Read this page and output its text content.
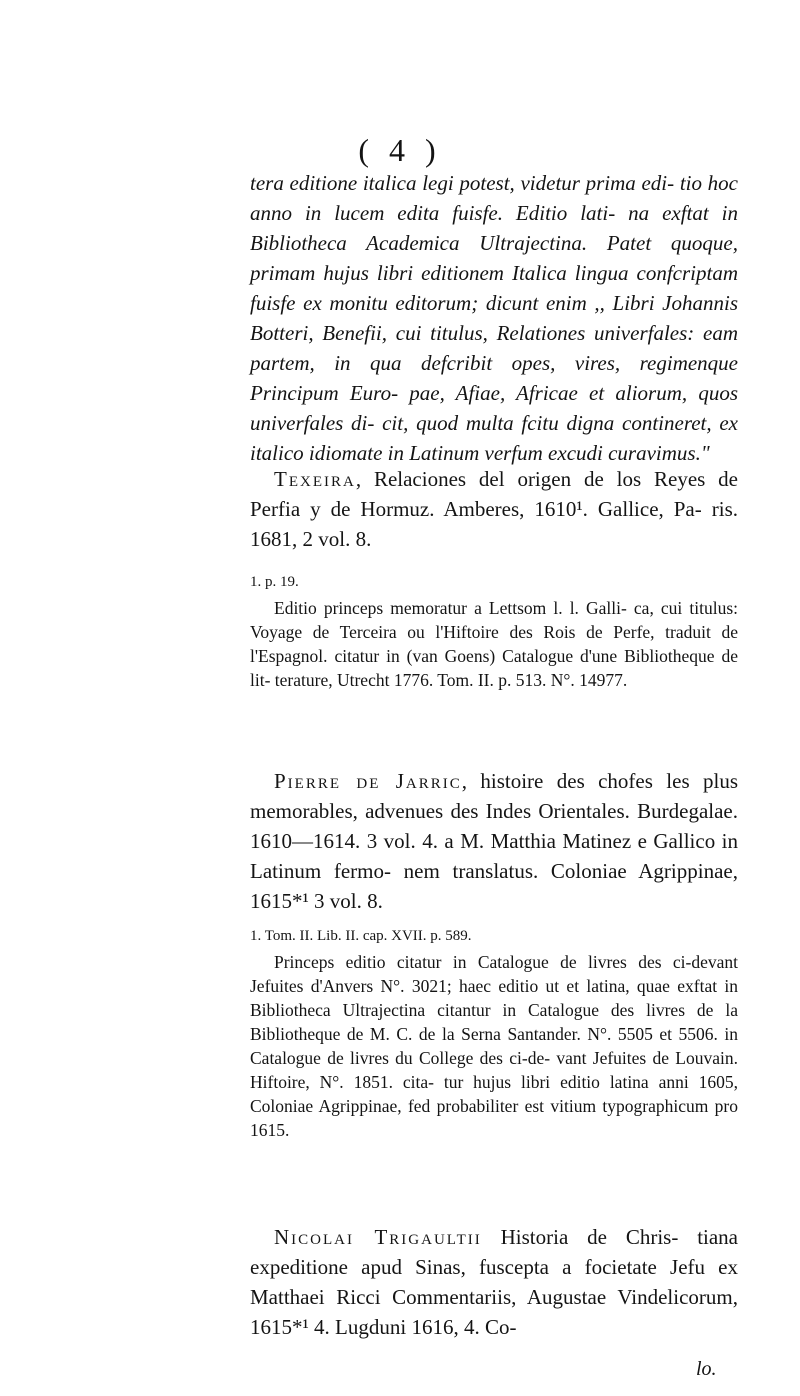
( 4 )

tera editione italica legi potest, videtur prima edi- tio hoc anno in lucem edita fuisfe. Editio lati- na exftat in Bibliotheca Academica Ultrajectina. Patet quoque, primam hujus libri editionem Italica lingua confcriptam fuisfe ex monitu editorum; dicunt enim ,, Libri Johannis Botteri, Benefii, cui titulus, Relationes univerfales: eam partem, in qua defcribit opes, vires, regimenque Principum Euro- pae, Afiae, Africae et aliorum, quos univerfales di- cit, quod multa fcitu digna contineret, ex italico idiomate in Latinum verfum excudi curavimus."

Texeira, Relaciones del origen de los Reyes de Perfia y de Hormuz. Amberes, 1610¹. Gallice, Pa- ris. 1681, 2 vol. 8.

1. p. 19.

Editio princeps memoratur a Lettsom l. l. Galli- ca, cui titulus: Voyage de Terceira ou l'Hiftoire des Rois de Perfe, traduit de l'Espagnol. citatur in (van Goens) Catalogue d'une Bibliotheque de lit- terature, Utrecht 1776. Tom. II. p. 513. N°. 14977.

Pierre de Jarric, histoire des chofes les plus memorables, advenues des Indes Orientales. Burdegalae. 1610—1614. 3 vol. 4. a M. Matthia Matinez e Gallico in Latinum fermo- nem translatus. Coloniae Agrippinae, 1615*¹ 3 vol. 8.

1. Tom. II. Lib. II. cap. XVII. p. 589.

Princeps editio citatur in Catalogue de livres des ci-devant Jefuites d'Anvers N°. 3021; haec editio ut et latina, quae exftat in Bibliotheca Ultrajectina citantur in Catalogue des livres de la Bibliotheque de M. C. de la Serna Santander. N°. 5505 et 5506. in Catalogue de livres du College des ci-de- vant Jefuites de Louvain. Hiftoire, N°. 1851. cita- tur hujus libri editio latina anni 1605, Coloniae Agrippinae, fed probabiliter est vitium typographicum pro 1615.

Nicolai Trigaultii Historia de Chris- tiana expeditione apud Sinas, fuscepta a focietate Jefu ex Matthaei Ricci Commentariis, Augustae Vindelicorum, 1615*¹ 4. Lugduni 1616, 4. Co-

lo.
